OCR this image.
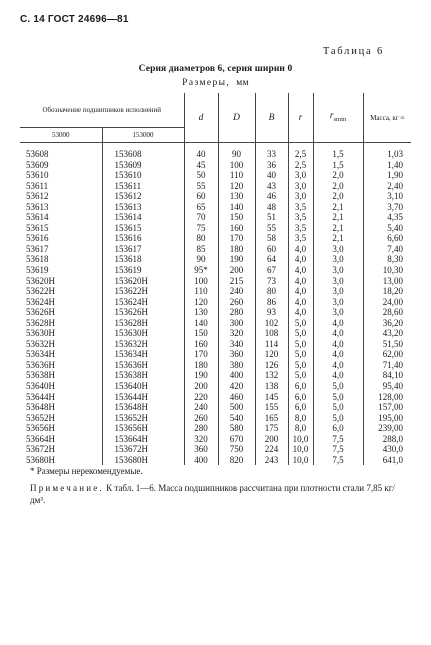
С. 14 ГОСТ 24696—81
Таблица 6
Серия диаметров 6, серия ширин 0
Размеры, мм
Обозначение подшипников исполнений		d	D	B	r	$r_{smin}$	Масса, кг ≈
53000	153000						
53608	153608	40	90	33	2,5	1,5	1,03
53609	153609	45	100	36	2,5	1,5	1,40
53610	153610	50	110	40	3,0	2,0	1,90
53611	153611	55	120	43	3,0	2,0	2,40
53612	153612	60	130	46	3,0	2,0	3,10
53613	153613	65	140	48	3,5	2,1	3,70
53614	153614	70	150	51	3,5	2,1	4,35
53615	153615	75	160	55	3,5	2,1	5,40
53616	153616	80	170	58	3,5	2,1	6,60
53617	153617	85	180	60	4,0	3,0	7,40
53618	153618	90	190	64	4,0	3,0	8,30
53619	153619	95*	200	67	4,0	3,0	10,30
53620Н	153620Н	100	215	73	4,0	3,0	13,00
53622Н	153622Н	110	240	80	4,0	3,0	18,20
53624Н	153624Н	120	260	86	4,0	3,0	24,00
53626Н	153626Н	130	280	93	4,0	3,0	28,60
53628Н	153628Н	140	300	102	5,0	4,0	36,20
53630Н	153630Н	150	320	108	5,0	4,0	43,20
53632Н	153632Н	160	340	114	5,0	4,0	51,50
53634Н	153634Н	170	360	120	5,0	4,0	62,00
53636Н	153636Н	180	380	126	5,0	4,0	71,40
53638Н	153638Н	190	400	132	5,0	4,0	84,10
53640Н	153640Н	200	420	138	6,0	5,0	95,40
53644Н	153644Н	220	460	145	6,0	5,0	128,00
53648Н	153648Н	240	500	155	6,0	5,0	157,00
53652Н	153652Н	260	540	165	8,0	5,0	195,00
53656Н	153656Н	280	580	175	8,0	6,0	239,00
53664Н	153664Н	320	670	200	10,0	7,5	288,0
53672Н	153672Н	360	750	224	10,0	7,5	430,0
53680Н	153680Н	400	820	243	10,0	7,5	641,0
* Размеры нерекомендуемые.
Примечание. К табл. 1—6. Масса подшипников рассчитана при плотности стали 7,85 кг/дм³.
